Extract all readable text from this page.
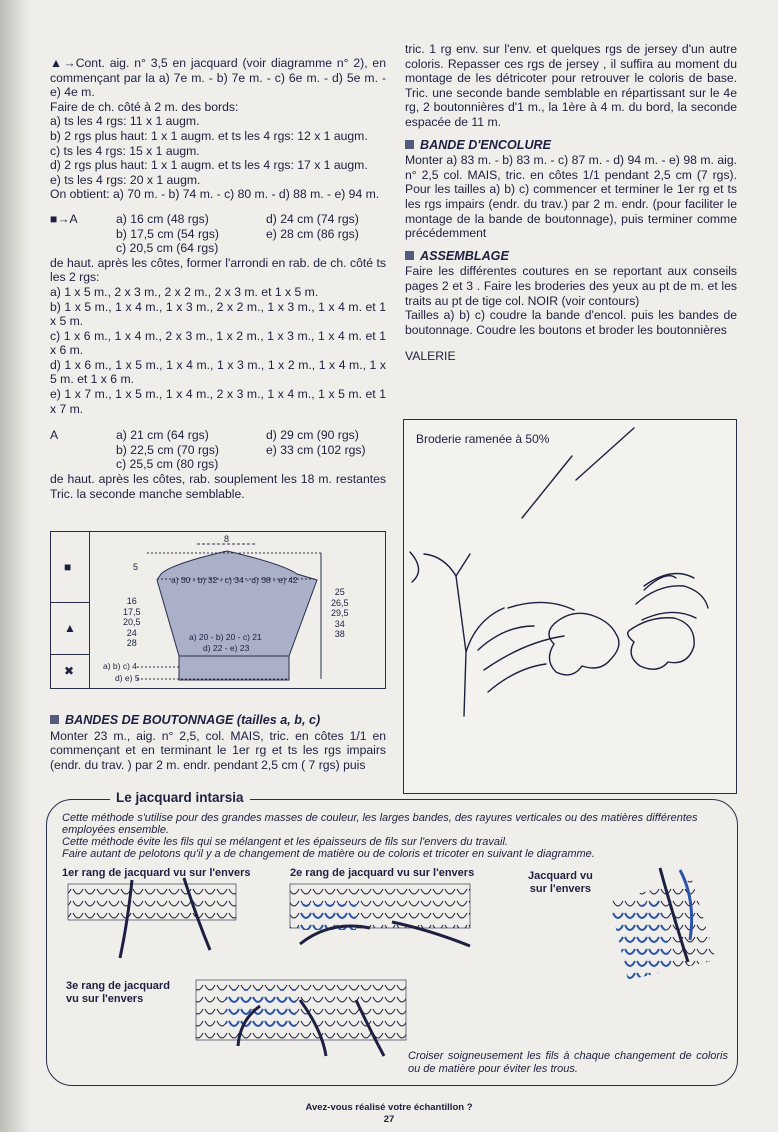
▲→Cont. aig. n° 3,5 en jacquard (voir diagramme n° 2), en commençant par la a) 7e m. - b) 7e m. - c) 6e m. - d) 5e m. - e) 4e m.

Faire de ch. côté à 2 m. des bords:

a) ts les 4 rgs: 11 x 1 augm.

b) 2 rgs plus haut: 1 x 1 augm. et ts les 4 rgs: 12 x 1 augm.

c) ts les 4 rgs: 15 x 1 augm.

d) 2 rgs plus haut: 1 x 1 augm. et ts les 4 rgs: 17 x 1 augm.

e) ts les 4 rgs: 20 x 1 augm.

On obtient: a) 70 m. - b) 74 m. - c) 80 m. - d) 88 m. - e) 94 m.

■→A	a) 16 cm (48 rgs)
b) 17,5 cm (54 rgs)
c) 20,5 cm (64 rgs)
d) 24 cm (74 rgs)
e) 28 cm (86 rgs)

de haut. après les côtes, former l'arrondi en rab. de ch. côté ts les 2 rgs:

a) 1 x 5 m., 2 x 3 m., 2 x 2 m., 2 x 3 m. et 1 x 5 m.

b) 1 x 5 m., 1 x 4 m., 1 x 3 m., 2 x 2 m., 1 x 3 m., 1 x 4 m. et 1 x 5 m.

c) 1 x 6 m., 1 x 4 m., 2 x 3 m., 1 x 2 m., 1 x 3 m., 1 x 4 m. et 1 x 6 m.

d) 1 x 6 m., 1 x 5 m., 1 x 4 m., 1 x 3 m., 1 x 2 m., 1 x 4 m., 1 x 5 m. et 1 x 6 m.

e) 1 x 7 m., 1 x 5 m., 1 x 4 m., 2 x 3 m., 1 x 4 m., 1 x 5 m. et 1 x 7 m.

A	a) 21 cm (64 rgs)
b) 22,5 cm (70 rgs)
c) 25,5 cm (80 rgs)
d) 29 cm (90 rgs)
e) 33 cm (102 rgs)

de haut. après les côtes, rab. souplement les 18 m. restantes Tric. la seconde manche semblable.

■
▲
✖
8
5
a) 30 - b) 32 - c) 34 - d) 38 - e) 42
16
17,5
20,5
24
28
25
26,5
29,5
34
38
a) 20 - b) 20 - c) 21
d) 22 - e) 23
a) b) c) 4
d) e) 5

BANDES DE BOUTONNAGE (tailles a, b, c)

Monter 23 m., aig. n° 2,5, col. MAIS, tric. en côtes 1/1 en commençant et en terminant le 1er rg et ts les rgs impairs (endr. du trav. ) par 2 m. endr. pendant 2,5 cm ( 7 rgs) puis

tric. 1 rg env. sur l'env. et quelques rgs de jersey d'un autre coloris. Repasser ces rgs de jersey , il suffira au moment du montage de les détricoter pour retrouver le coloris de base. Tric. une seconde bande semblable en répartissant sur le 4e rg, 2 boutonnières d'1 m., la 1ère à 4 m. du bord, la seconde espacée de 11 m.

BANDE D'ENCOLURE

Monter a) 83 m. - b) 83 m. - c) 87 m. - d) 94 m. - e) 98 m. aig. n° 2,5 col. MAIS, tric. en côtes 1/1 pendant 2,5 cm (7 rgs). Pour les tailles a) b) c) commencer et terminer le 1er rg et ts les rgs impairs (endr. du trav.) par 2 m. endr. (pour faciliter le montage de la bande de boutonnage), puis terminer comme précédemment

ASSEMBLAGE

Faire les différentes coutures en se reportant aux conseils pages 2 et 3 . Faire les broderies des yeux au pt de m. et les traits au pt de tige col. NOIR (voir contours)

Tailles a) b) c) coudre la bande d'encol. puis les bandes de boutonnage. Coudre les boutons et broder les boutonnières

VALERIE

Broderie ramenée à 50%
Le jacquard intarsia

Cette méthode s'utilise pour des grandes masses de couleur, les larges bandes, des rayures verticales ou des matières différentes employées ensemble.

Cette méthode évite les fils qui se mélangent et les épaisseurs de fils sur l'envers du travail.

Faire autant de pelotons qu'il y a de changement de matière ou de coloris et tricoter en suivant le diagramme.

1er rang de jacquard vu sur l'envers	2e rang de jacquard vu sur l'envers	Jacquard vu
sur l'envers
3e rang de jacquard
vu sur l'envers
Croiser soigneusement les fils à chaque changement de coloris ou de matière pour éviter les trous.
Avez-vous réalisé votre échantillon ?
27
